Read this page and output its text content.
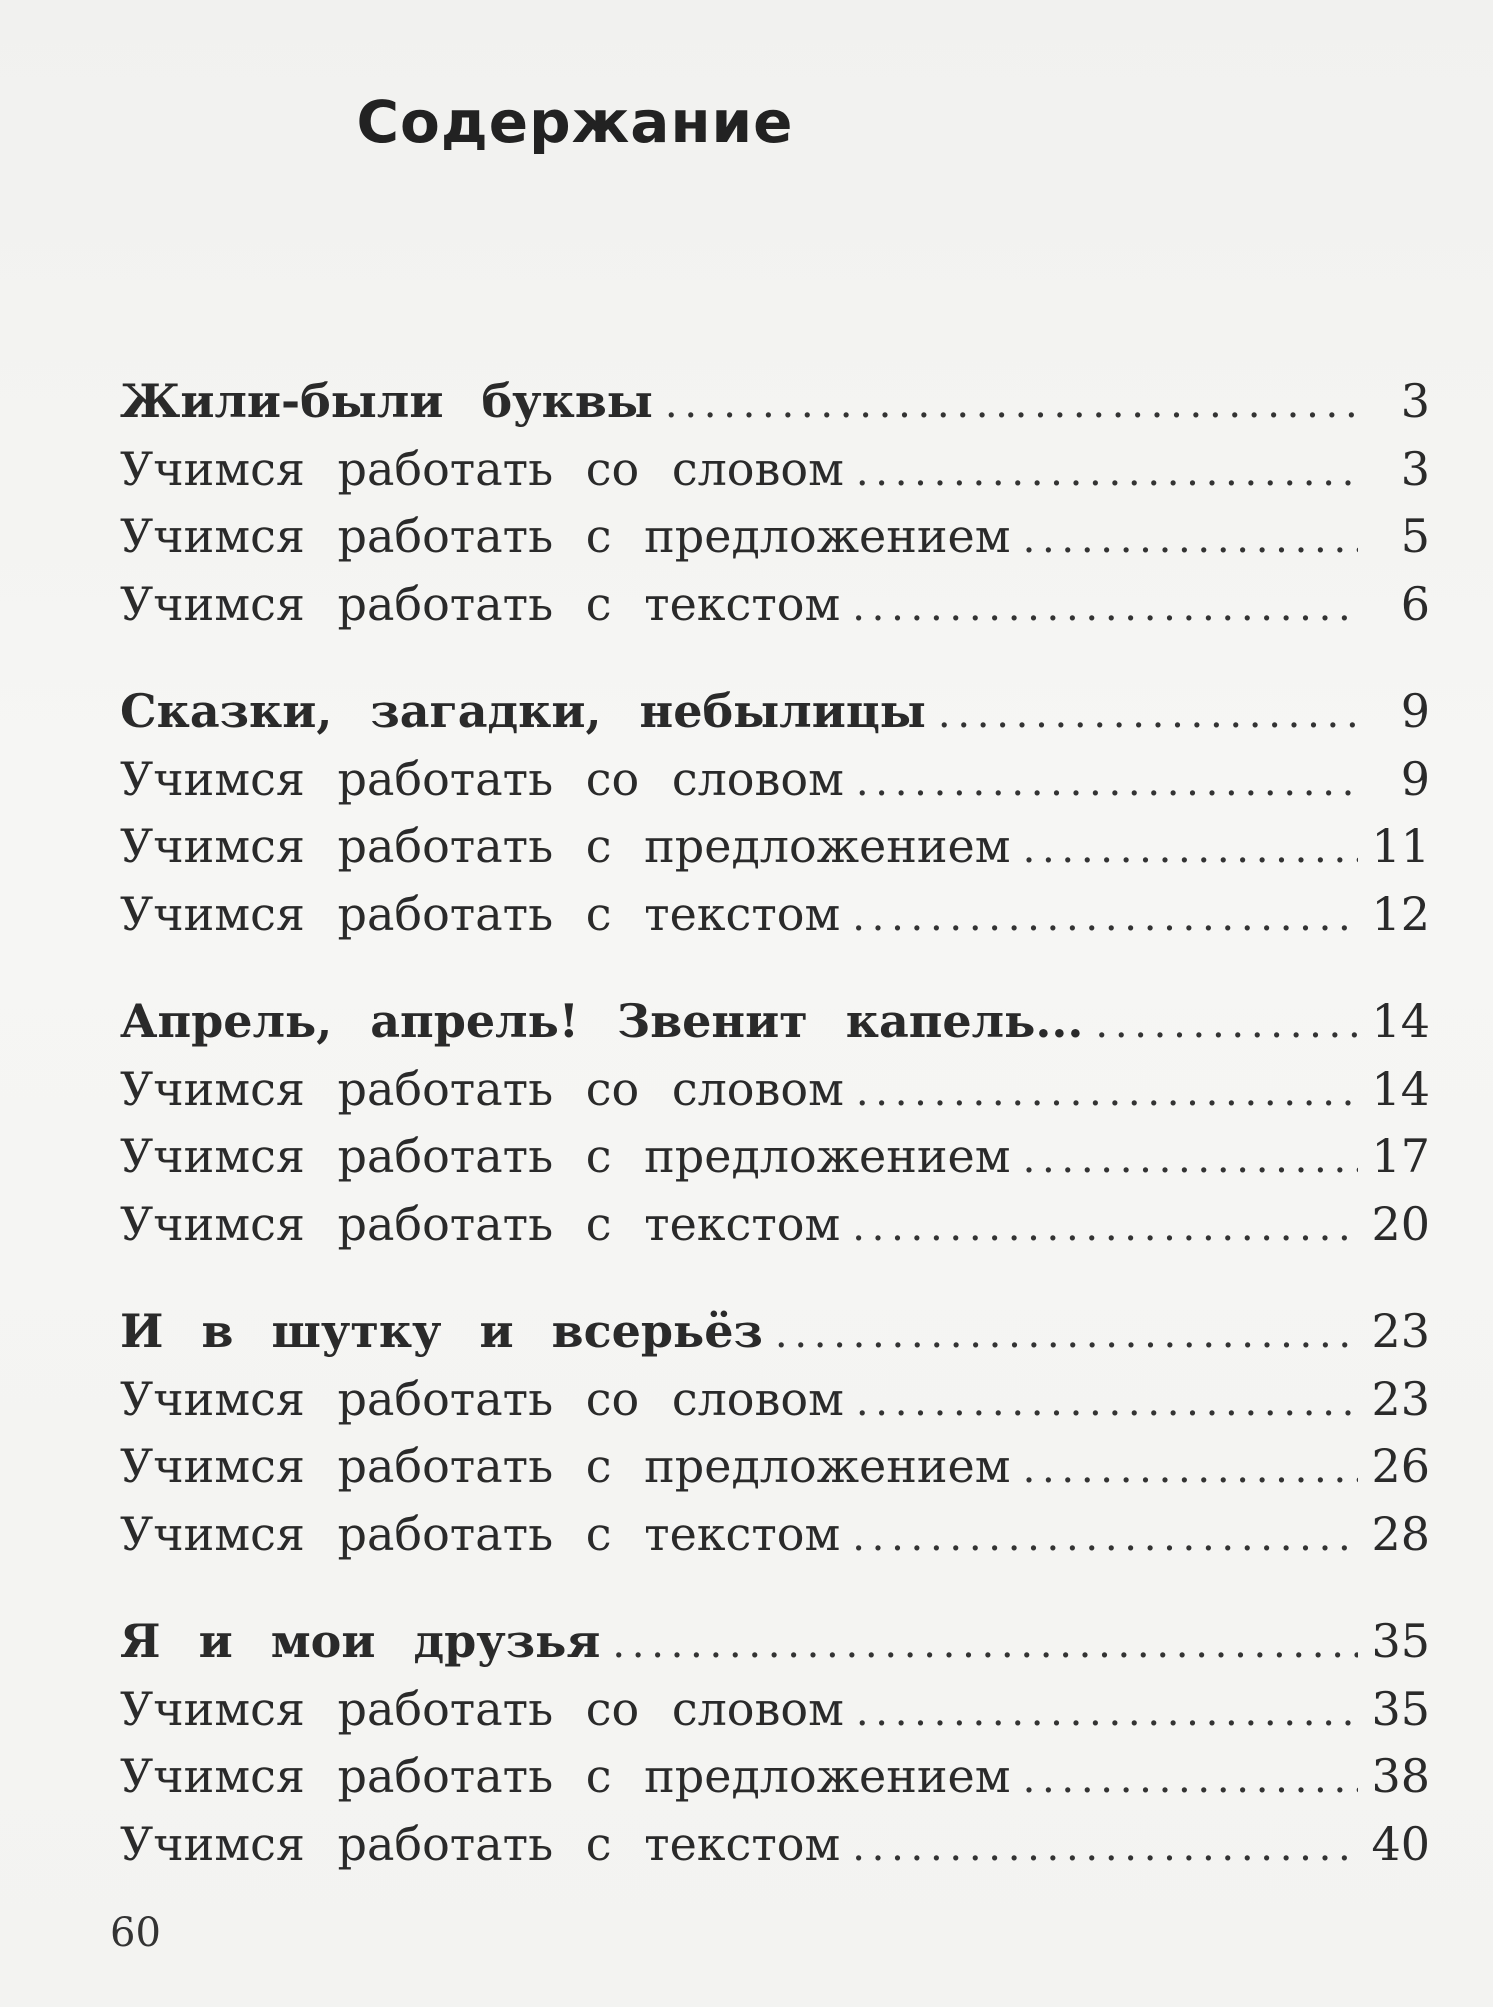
Содержание
Жили-были буквы . . .	3
Учимся работать со словом . . .	3
Учимся работать с предложением . . .	5
Учимся работать с текстом . . .	6
Сказки, загадки, небылицы . . .	9
Учимся работать со словом . . .	9
Учимся работать с предложением . . .	11
Учимся работать с текстом . . .	12
Апрель, апрель! Звенит капель... . . .	14
Учимся работать со словом . . .	14
Учимся работать с предложением . . .	17
Учимся работать с текстом . . .	20
И в шутку и всерьёз . . .	23
Учимся работать со словом . . .	23
Учимся работать с предложением . . .	26
Учимся работать с текстом . . .	28
Я и мои друзья . . .	35
Учимся работать со словом . . .	35
Учимся работать с предложением . . .	38
Учимся работать с текстом . . .	40
60
